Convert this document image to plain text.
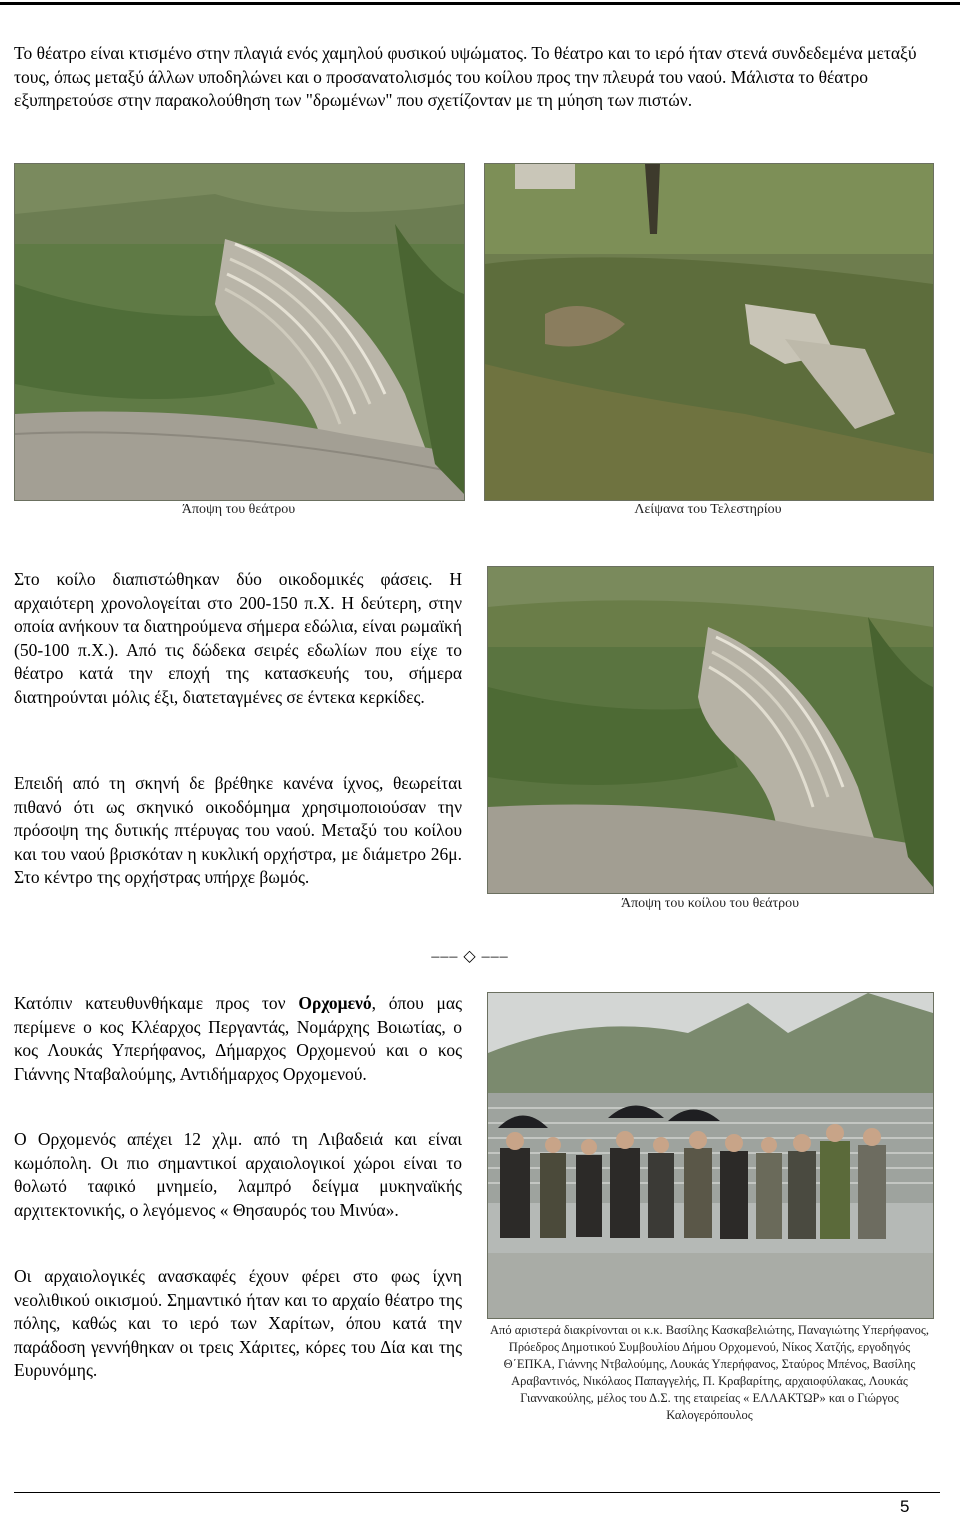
Το θέατρο είναι κτισμένο στην πλαγιά ενός χαμηλού φυσικού υψώματος. Το θέατρο και το ιερό ήταν στενά συνδεδεμένα μεταξύ τους, όπως μεταξύ άλλων υποδηλώνει και ο προσανατολισμός του κοίλου προς την πλευρά του ναού. Μάλιστα το θέατρο εξυπηρετούσε στην παρακολούθηση των "δρωμένων" που σχετίζονταν με τη μύηση των πιστών.

Άποψη του θεάτρου	Λείψανα του Τελεστηρίου

Στο κοίλο διαπιστώθηκαν δύο οικοδομικές φάσεις. Η αρχαιότερη χρονολογείται στο 200-150 π.Χ. Η δεύτερη, στην οποία ανήκουν τα διατηρούμενα σήμερα εδώλια, είναι ρωμαϊκή (50-100 π.Χ.). Από τις δώδεκα σειρές εδωλίων που είχε το θέατρο κατά την εποχή της κατασκευής του, σήμερα διατηρούνται μόλις έξι, διατεταγμένες σε έντεκα κερκίδες.

Επειδή από τη σκηνή δε βρέθηκε κανένα ίχνος, θεωρείται πιθανό ότι ως σκηνικό οικοδόμημα χρησιμοποιούσαν την πρόσοψη της δυτικής πτέρυγας του ναού. Μεταξύ του κοίλου και του ναού βρισκόταν η κυκλική ορχήστρα, με διάμετρο 26μ. Στο κέντρο της ορχήστρας υπήρχε βωμός.

Άποψη του κοίλου του θεάτρου
––– ◇ –––

Κατόπιν κατευθυνθήκαμε προς τον Ορχομενό, όπου μας περίμενε ο κος Κλέαρχος Περγαντάς, Νομάρχης Βοιωτίας, ο κος Λουκάς Υπερήφανος, Δήμαρχος Ορχομενού και ο κος Γιάννης Νταβαλούμης, Αντιδήμαρχος Ορχομενού.

Ο Ορχομενός απέχει 12 χλμ. από τη Λιβαδειά και είναι κωμόπολη. Οι πιο σημαντικοί αρχαιολογικοί χώροι είναι το θολωτό ταφικό μνημείο, λαμπρό δείγμα μυκηναϊκής αρχιτεκτονικής, ο λεγόμενος « Θησαυρός του Μινύα».

Οι αρχαιολογικές ανασκαφές έχουν φέρει στο φως ίχνη νεολιθικού οικισμού. Σημαντικό ήταν και το αρχαίο θέατρο της πόλης, καθώς και το ιερό των Χαρίτων, όπου κατά την παράδοση γεννήθηκαν οι τρεις Χάριτες, κόρες του Δία και της Ευρυνόμης.

Από αριστερά διακρίνονται οι κ.κ. Βασίλης Κασκαβελιώτης, Παναγιώτης Υπερήφανος, Πρόεδρος Δημοτικού Συμβουλίου Δήμου Ορχομενού, Νίκος Χατζής, εργοδηγός Θ΄ΕΠΚΑ, Γιάννης Ντβαλούμης, Λουκάς Υπερήφανος, Σταύρος Μπένος, Βασίλης Αραβαντινός, Νικόλαος Παπαγγελής, Π. Κραβαρίτης, αρχαιοφύλακας, Λουκάς Γιαννακούλης, μέλος του Δ.Σ. της εταιρείας « ΕΛΛΑΚΤΩΡ» και ο Γιώργος Καλογερόπουλος
5
